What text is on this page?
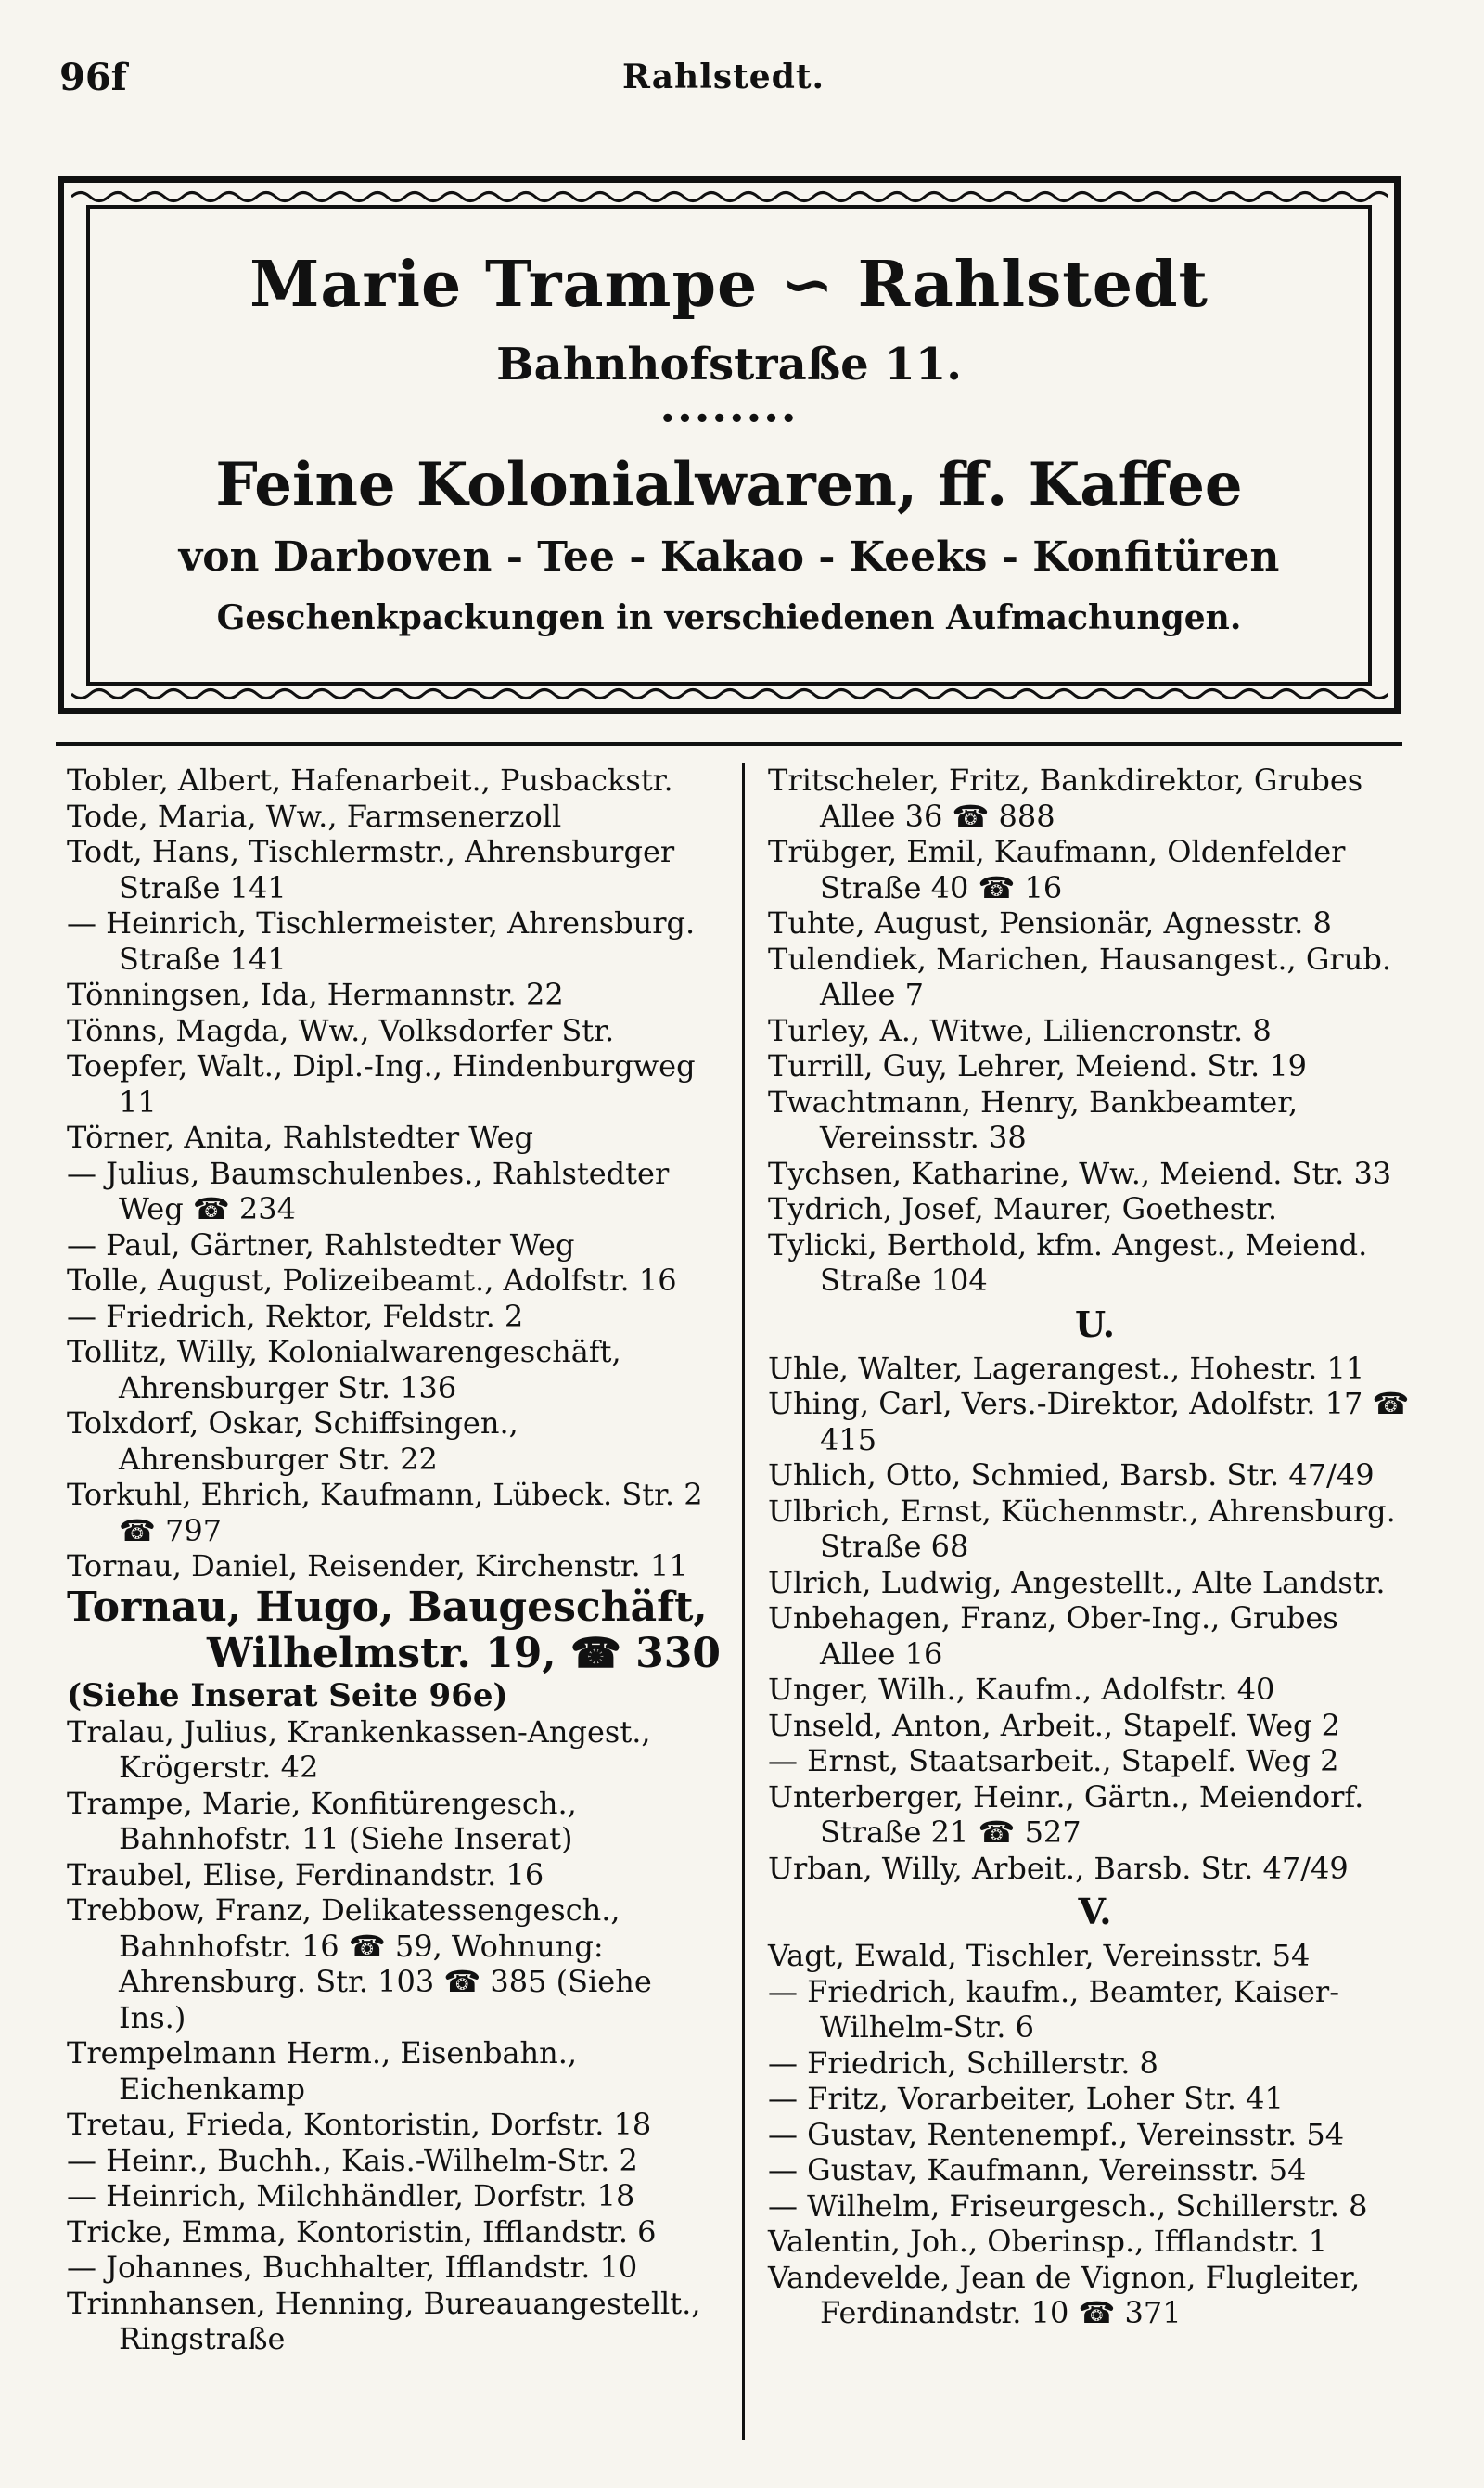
96f	Rahlstedt.
Marie Trampe ∽ Rahlstedt
Bahnhofstraße 11.
••••••••
Feine Kolonialwaren, ff. Kaffee
von Darboven - Tee - Kakao - Keeks - Konfitüren
Geschenkpackungen in verschiedenen Aufmachungen.

Tobler, Albert, Hafenarbeit., Pusbackstr.

Tode, Maria, Ww., Farmsenerzoll

Todt, Hans, Tischlermstr., Ahrensburger Straße 141

— Heinrich, Tischlermeister, Ahrensburg. Straße 141

Tönningsen, Ida, Hermannstr. 22

Tönns, Magda, Ww., Volksdorfer Str.

Toepfer, Walt., Dipl.-Ing., Hindenburgweg 11

Törner, Anita, Rahlstedter Weg

— Julius, Baumschulenbes., Rahlstedter Weg ☎ 234

— Paul, Gärtner, Rahlstedter Weg

Tolle, August, Polizeibeamt., Adolfstr. 16

— Friedrich, Rektor, Feldstr. 2

Tollitz, Willy, Kolonialwarengeschäft, Ahrensburger Str. 136

Tolxdorf, Oskar, Schiffsingen., Ahrensburger Str. 22

Torkuhl, Ehrich, Kaufmann, Lübeck. Str. 2 ☎ 797

Tornau, Daniel, Reisender, Kirchenstr. 11

Tornau, Hugo, Baugeschäft,

Wilhelmstr. 19, ☎ 330

(Siehe Inserat Seite 96e)

Tralau, Julius, Krankenkassen-Angest., Krögerstr. 42

Trampe, Marie, Konfitürengesch., Bahnhofstr. 11 (Siehe Inserat)

Traubel, Elise, Ferdinandstr. 16

Trebbow, Franz, Delikatessengesch., Bahnhofstr. 16 ☎ 59, Wohnung: Ahrensburg. Str. 103 ☎ 385 (Siehe Ins.)

Trempelmann Herm., Eisenbahn., Eichenkamp

Tretau, Frieda, Kontoristin, Dorfstr. 18

— Heinr., Buchh., Kais.-Wilhelm-Str. 2

— Heinrich, Milchhändler, Dorfstr. 18

Tricke, Emma, Kontoristin, Ifflandstr. 6

— Johannes, Buchhalter, Ifflandstr. 10

Trinnhansen, Henning, Bureauangestellt., Ringstraße

Tritscheler, Fritz, Bankdirektor, Grubes Allee 36 ☎ 888

Trübger, Emil, Kaufmann, Oldenfelder Straße 40 ☎ 16

Tuhte, August, Pensionär, Agnesstr. 8

Tulendiek, Marichen, Hausangest., Grub. Allee 7

Turley, A., Witwe, Liliencronstr. 8

Turrill, Guy, Lehrer, Meiend. Str. 19

Twachtmann, Henry, Bankbeamter, Vereinsstr. 38

Tychsen, Katharine, Ww., Meiend. Str. 33

Tydrich, Josef, Maurer, Goethestr.

Tylicki, Berthold, kfm. Angest., Meiend. Straße 104

U.

Uhle, Walter, Lagerangest., Hohestr. 11

Uhing, Carl, Vers.-Direktor, Adolfstr. 17 ☎ 415

Uhlich, Otto, Schmied, Barsb. Str. 47/49

Ulbrich, Ernst, Küchenmstr., Ahrensburg. Straße 68

Ulrich, Ludwig, Angestellt., Alte Landstr.

Unbehagen, Franz, Ober-Ing., Grubes Allee 16

Unger, Wilh., Kaufm., Adolfstr. 40

Unseld, Anton, Arbeit., Stapelf. Weg 2

— Ernst, Staatsarbeit., Stapelf. Weg 2

Unterberger, Heinr., Gärtn., Meiendorf. Straße 21 ☎ 527

Urban, Willy, Arbeit., Barsb. Str. 47/49

V.

Vagt, Ewald, Tischler, Vereinsstr. 54

— Friedrich, kaufm., Beamter, Kaiser-Wilhelm-Str. 6

— Friedrich, Schillerstr. 8

— Fritz, Vorarbeiter, Loher Str. 41

— Gustav, Rentenempf., Vereinsstr. 54

— Gustav, Kaufmann, Vereinsstr. 54

— Wilhelm, Friseurgesch., Schillerstr. 8

Valentin, Joh., Oberinsp., Ifflandstr. 1

Vandevelde, Jean de Vignon, Flugleiter, Ferdinandstr. 10 ☎ 371
